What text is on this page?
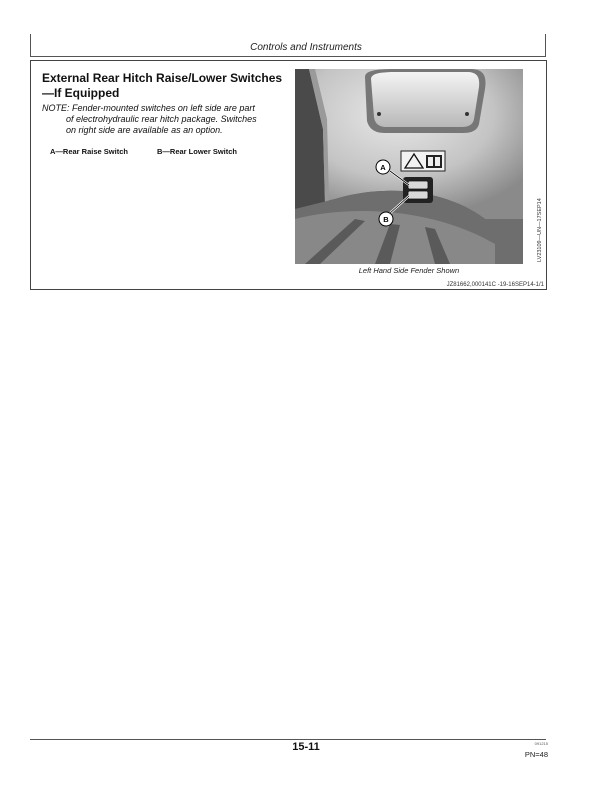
Controls and Instruments
External Rear Hitch Raise/Lower Switches—If Equipped
NOTE: Fender-mounted switches on left side are part
of electrohydraulic rear hitch package. Switches
on right side are available as an option.
A—Rear Raise Switch	B—Rear Lower Switch
A
B	LV23109—UN—17SEP14
Left Hand Side Fender Shown
JZ81662,000141C -19-16SEP14-1/1
15-11	091215
PN=48
